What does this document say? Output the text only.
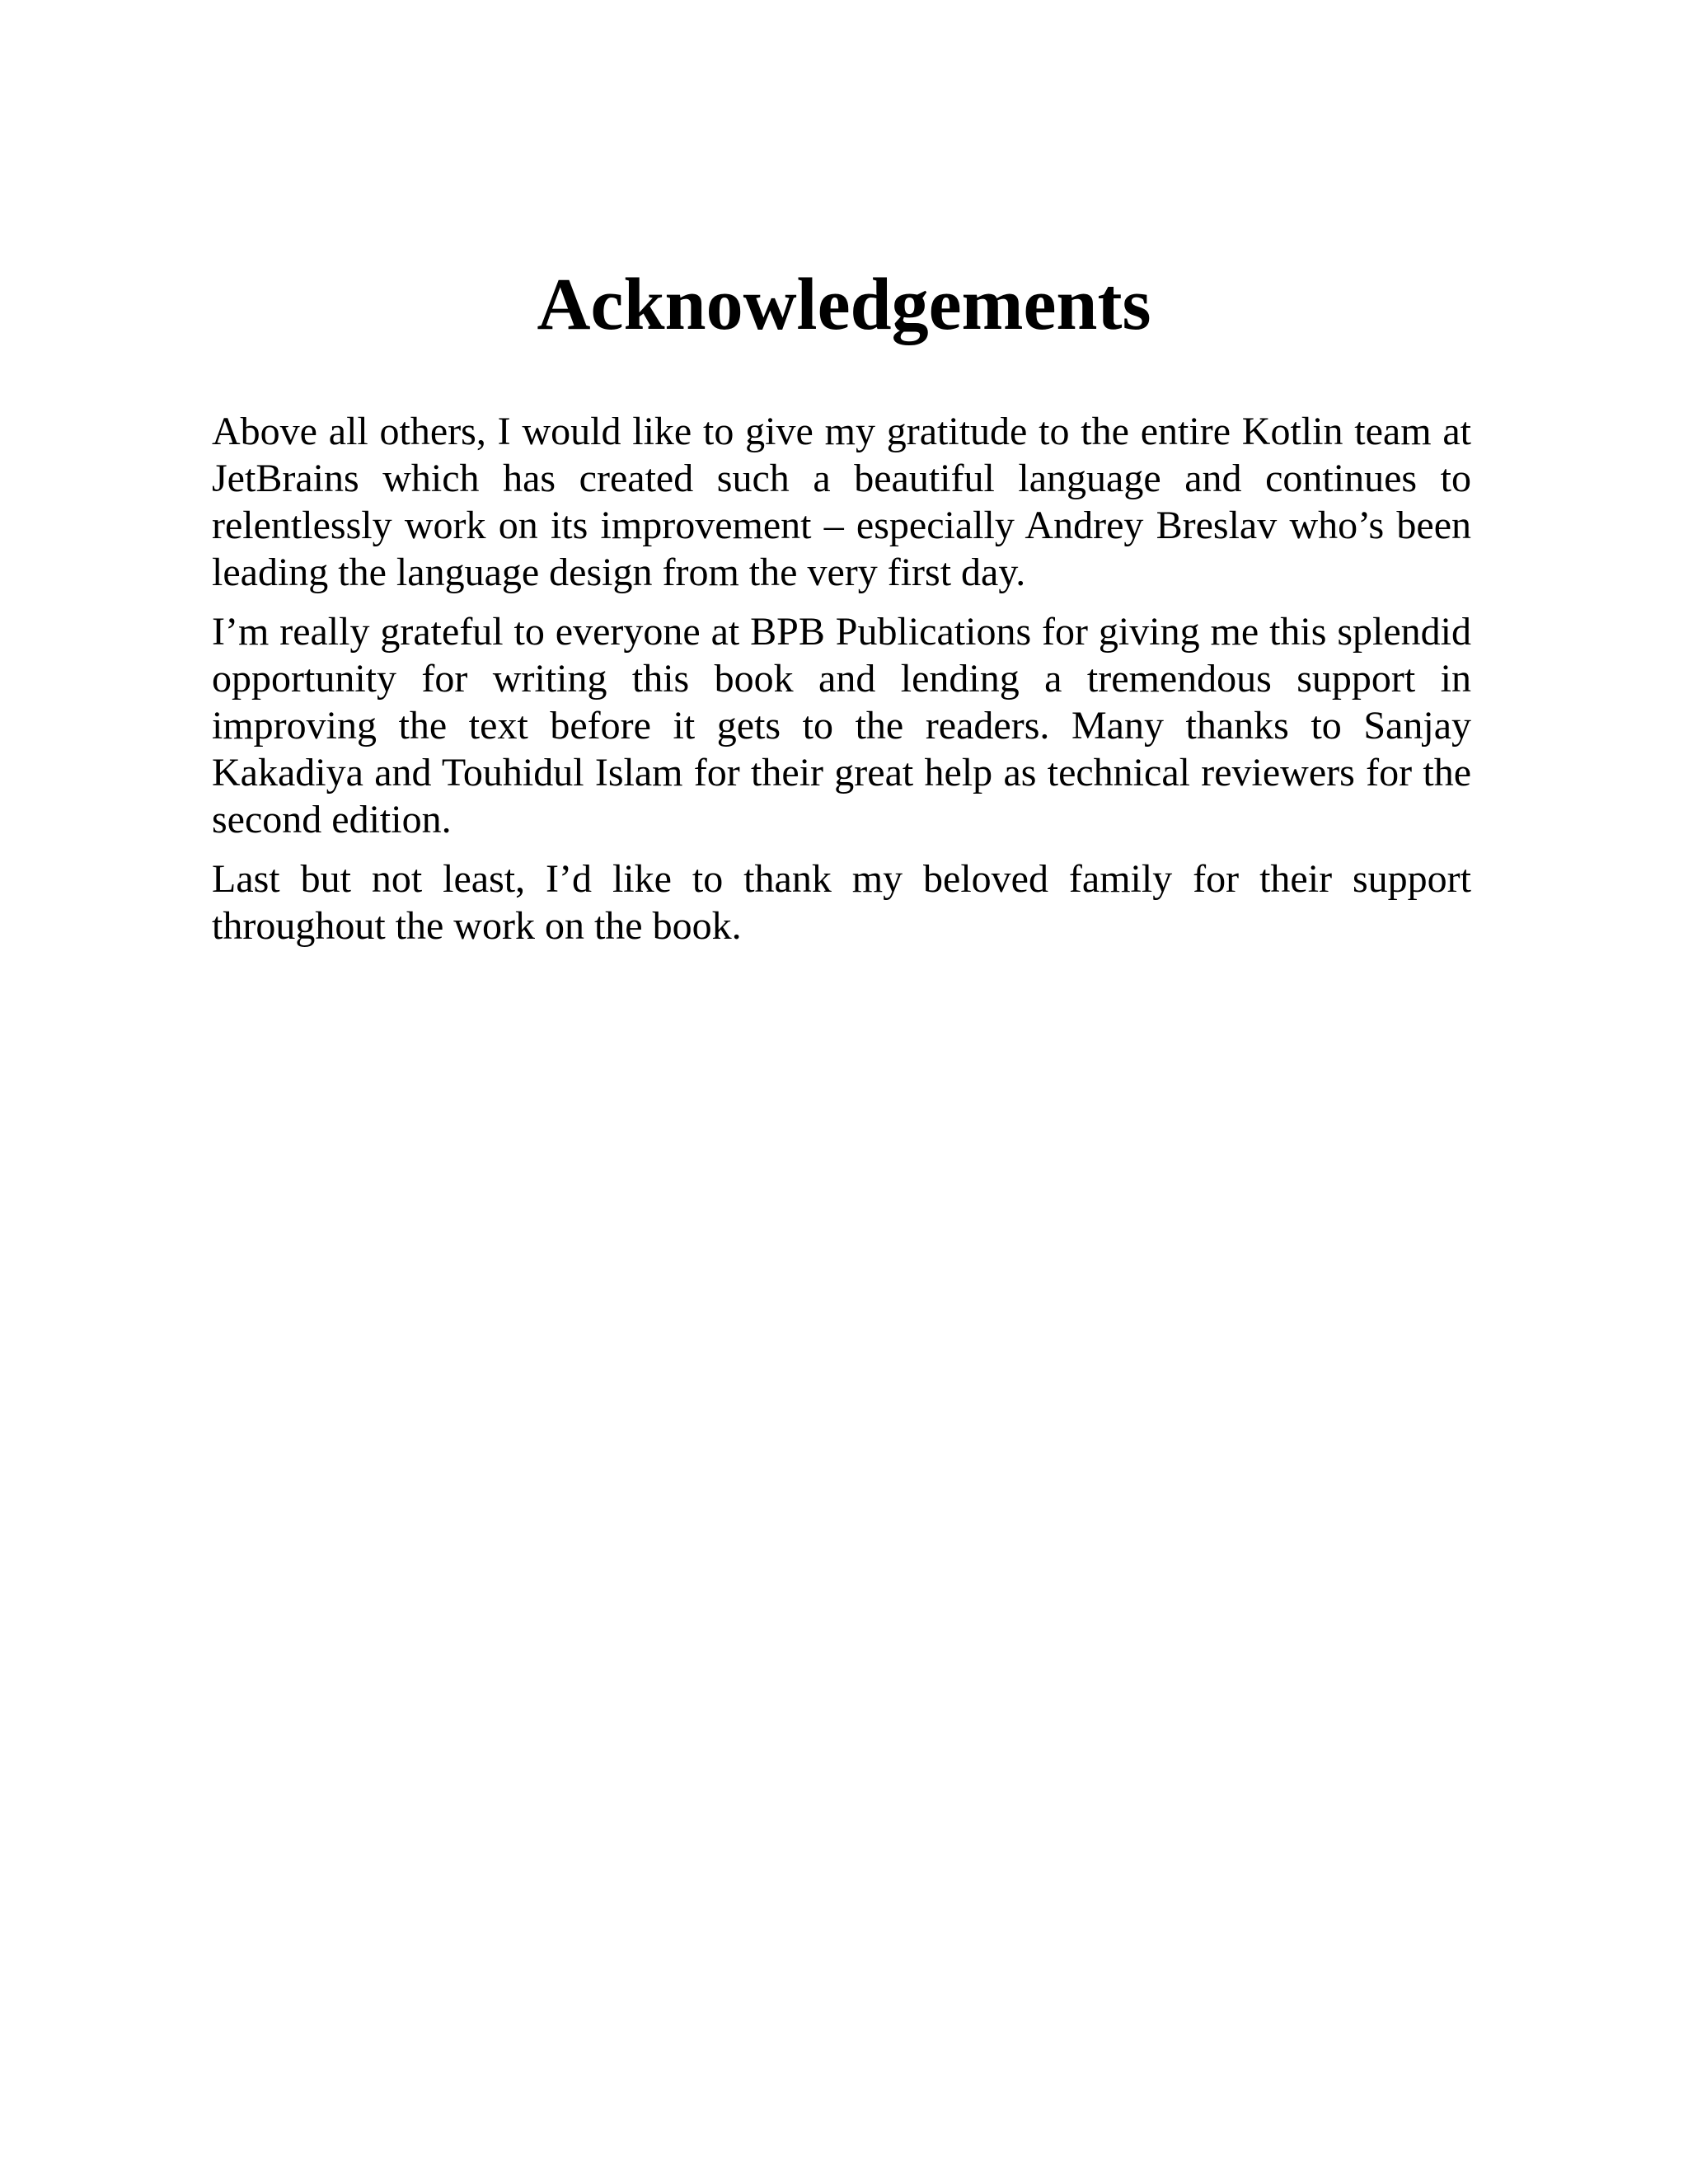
Acknowledgements

Above all others, I would like to give my gratitude to the entire Kotlin team at JetBrains which has created such a beautiful language and continues to relentlessly work on its improvement – especially Andrey Breslav who’s been leading the language design from the very first day.

I’m really grateful to everyone at BPB Publications for giving me this splendid opportunity for writing this book and lending a tremendous support in improving the text before it gets to the readers. Many thanks to Sanjay Kakadiya and Touhidul Islam for their great help as technical reviewers for the second edition.

Last but not least, I’d like to thank my beloved family for their support throughout the work on the book.
